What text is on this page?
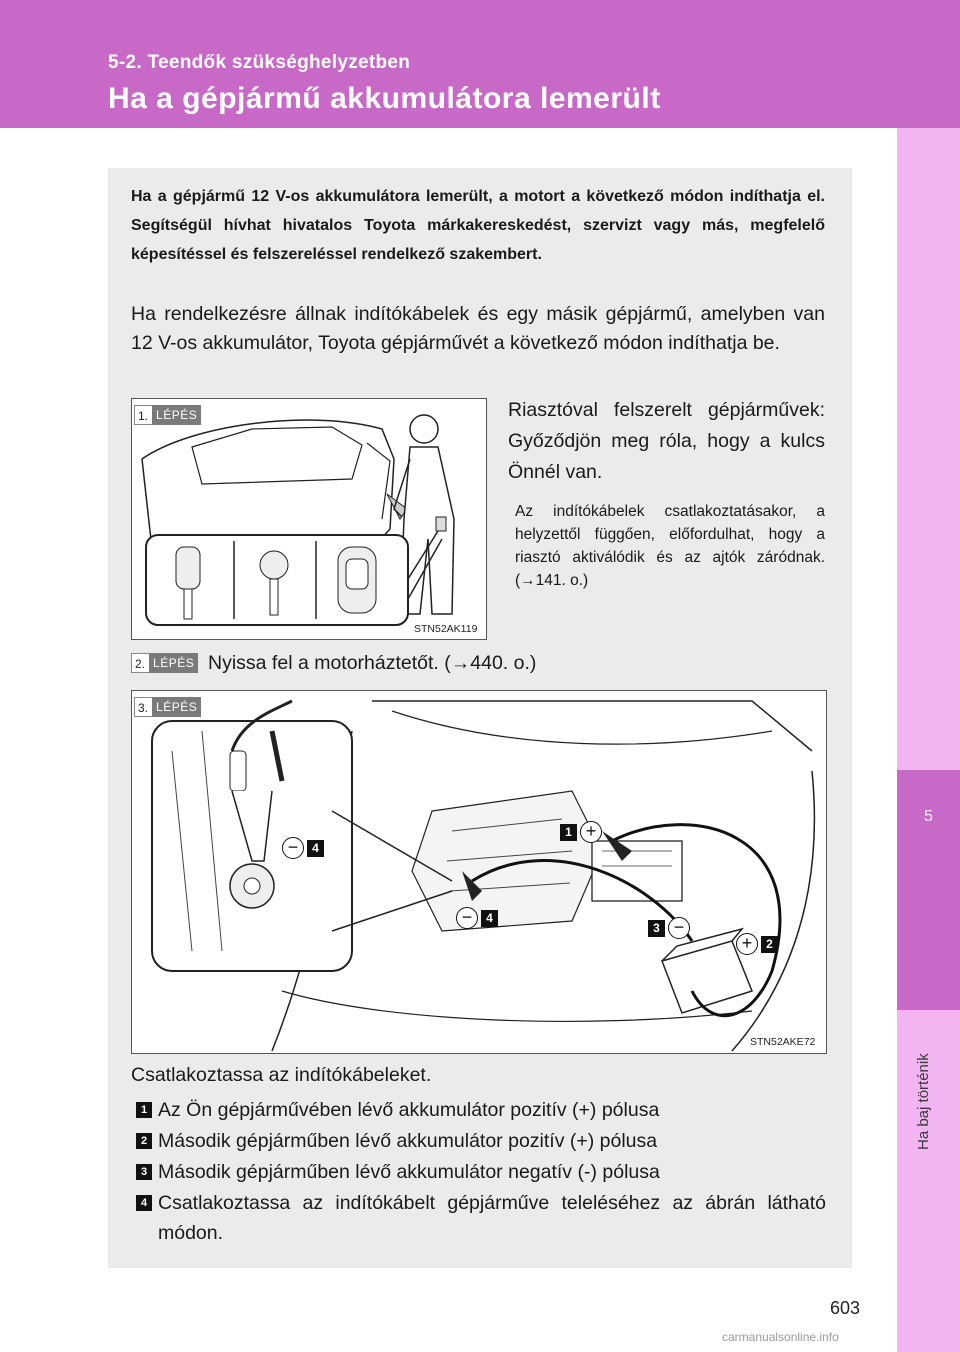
5-2. Teendők szükséghelyzetben
Ha a gépjármű akkumulátora lemerült
5
Ha baj történik
Ha a gépjármű 12 V-os akkumulátora lemerült, a motort a következő módon indíthatja el. Segítségül hívhat hivatalos Toyota márkakereskedést, szervizt vagy más, megfelelő képesítéssel és felszereléssel rendelkező szakembert.
Ha rendelkezésre állnak indítókábelek és egy másik gépjármű, amelyben van 12 V-os akkumulátor, Toyota gépjárművét a következő módon indíthatja be.
1. LÉPÉS
STN52AK119
Riasztóval felszerelt gépjárművek: Győződjön meg róla, hogy a kulcs Önnél van.
Az indítókábelek csatlakoztatásakor, a helyzettől függően, előfordulhat, hogy a riasztó aktiválódik és az ajtók záródnak. (→141. o.)
2. LÉPÉS Nyissa fel a motorháztetőt. (→440. o.)
3. LÉPÉS
1 +
+	2
3 −
−	4
−	4
STN52AKE72
Csatlakoztassa az indítókábeleket.
1 Az Ön gépjárművében lévő akkumulátor pozitív (+) pólusa
2 Második gépjárműben lévő akkumulátor pozitív (+) pólusa
3 Második gépjárműben lévő akkumulátor negatív (-) pólusa
4 Csatlakoztassa az indítókábelt gépjárműve teleléséhez az ábrán látható módon.
603
carmanualsonline.info
